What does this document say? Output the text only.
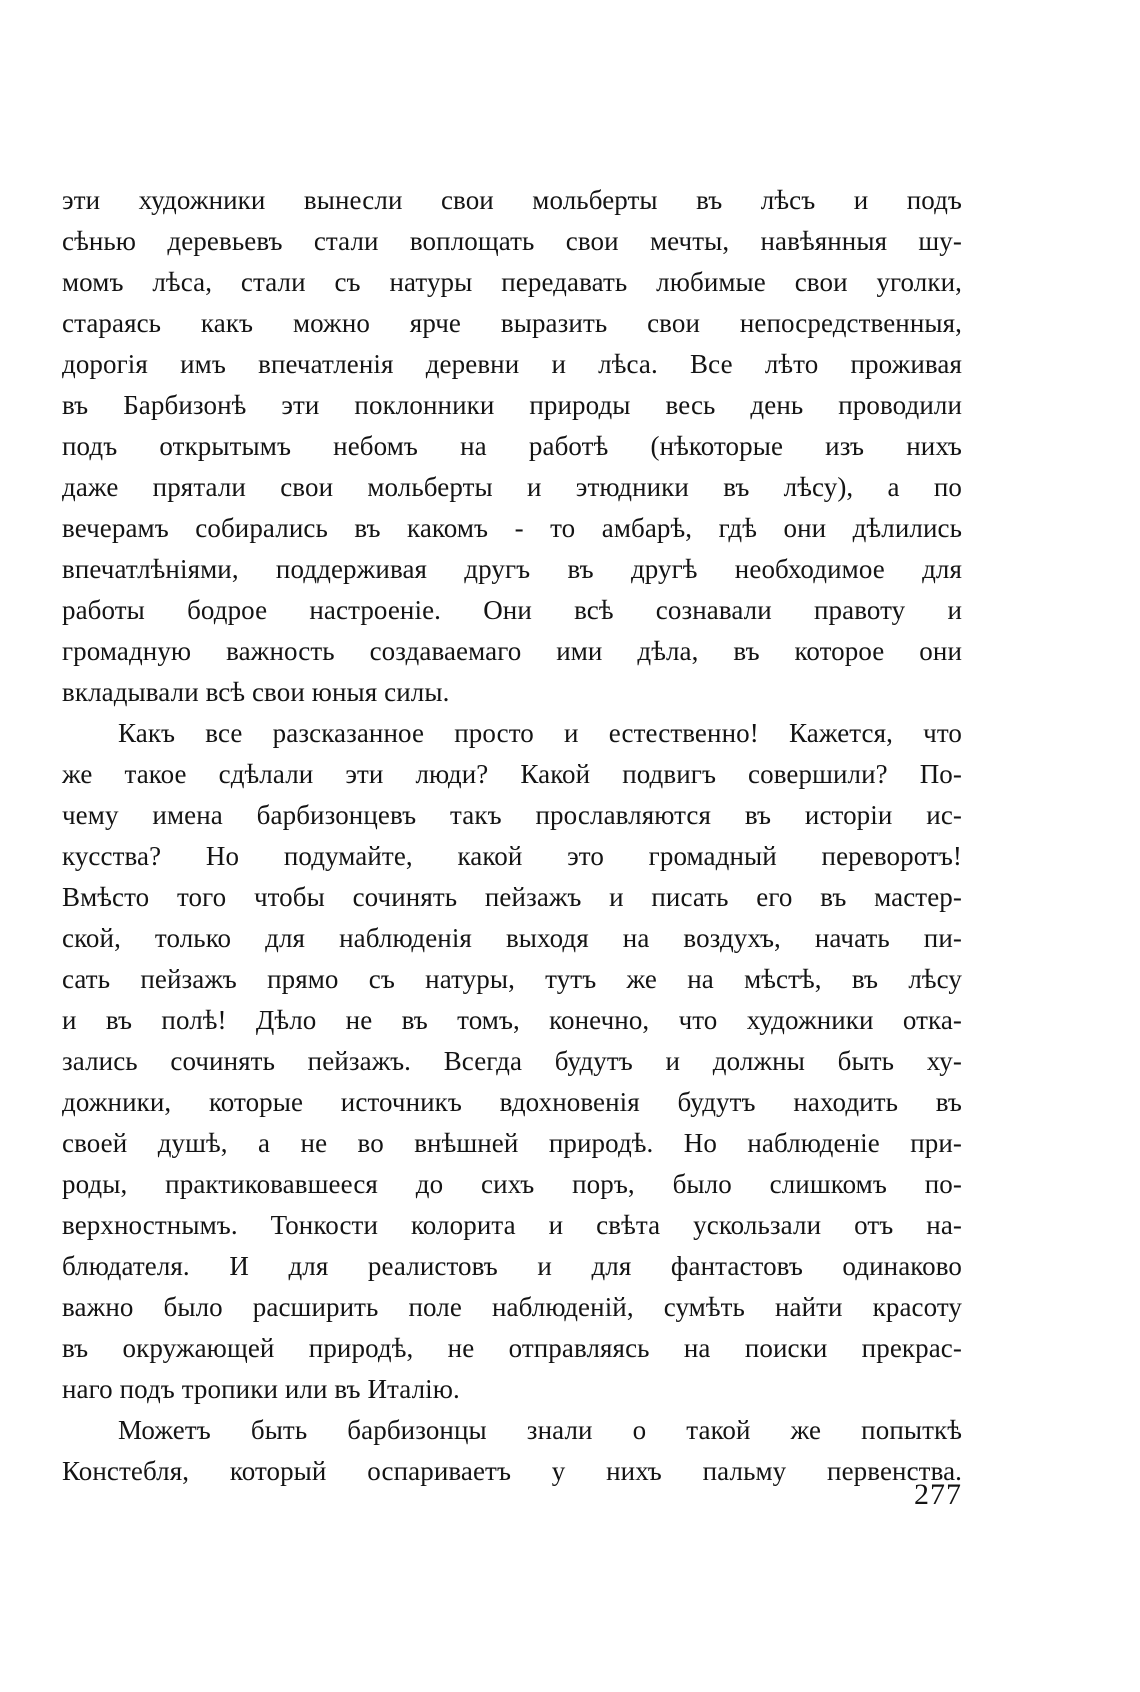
эти художники вынесли свои мольберты въ лѣсъ и подъ
сѣнью деревьевъ стали воплощать свои мечты, навѣянныя шу-
момъ лѣса, стали съ натуры передавать любимые свои уголки,
стараясь какъ можно ярче выразить свои непосредственныя,
дорогія имъ впечатленія деревни и лѣса. Все лѣто проживая
въ Барбизонѣ эти поклонники природы весь день проводили
подъ открытымъ небомъ на работѣ (нѣкоторые изъ нихъ
даже прятали свои мольберты и этюдники въ лѣсу), а по
вечерамъ собирались въ какомъ - то амбарѣ, гдѣ они дѣлились
впечатлѣніями, поддерживая другъ въ другѣ необходимое для
работы бодрое настроеніе. Они всѣ сознавали правоту и
громадную важность создаваемаго ими дѣла, въ которое они
вкладывали всѣ свои юныя силы.
Какъ все разсказанное просто и естественно! Кажется, что
же такое сдѣлали эти люди? Какой подвигъ совершили? По-
чему имена барбизонцевъ такъ прославляются въ исторіи ис-
кусства? Но подумайте, какой это громадный переворотъ!
Вмѣсто того чтобы сочинять пейзажъ и писать его въ мастер-
ской, только для наблюденія выходя на воздухъ, начать пи-
сать пейзажъ прямо съ натуры, тутъ же на мѣстѣ, въ лѣсу
и въ полѣ! Дѣло не въ томъ, конечно, что художники отка-
зались сочинять пейзажъ. Всегда будутъ и должны быть ху-
дожники, которые источникъ вдохновенія будутъ находить въ
своей душѣ, а не во внѣшней природѣ. Но наблюденіе при-
роды, практиковавшееся до сихъ поръ, было слишкомъ по-
верхностнымъ. Тонкости колорита и свѣта ускользали отъ на-
блюдателя. И для реалистовъ и для фантастовъ одинаково
важно было расширить поле наблюденій, сумѣть найти красоту
въ окружающей природѣ, не отправляясь на поиски прекрас-
наго подъ тропики или въ Италію.
Можетъ быть барбизонцы знали о такой же попыткѣ
Констебля, который оспариваетъ у нихъ пальму первенства.
277
